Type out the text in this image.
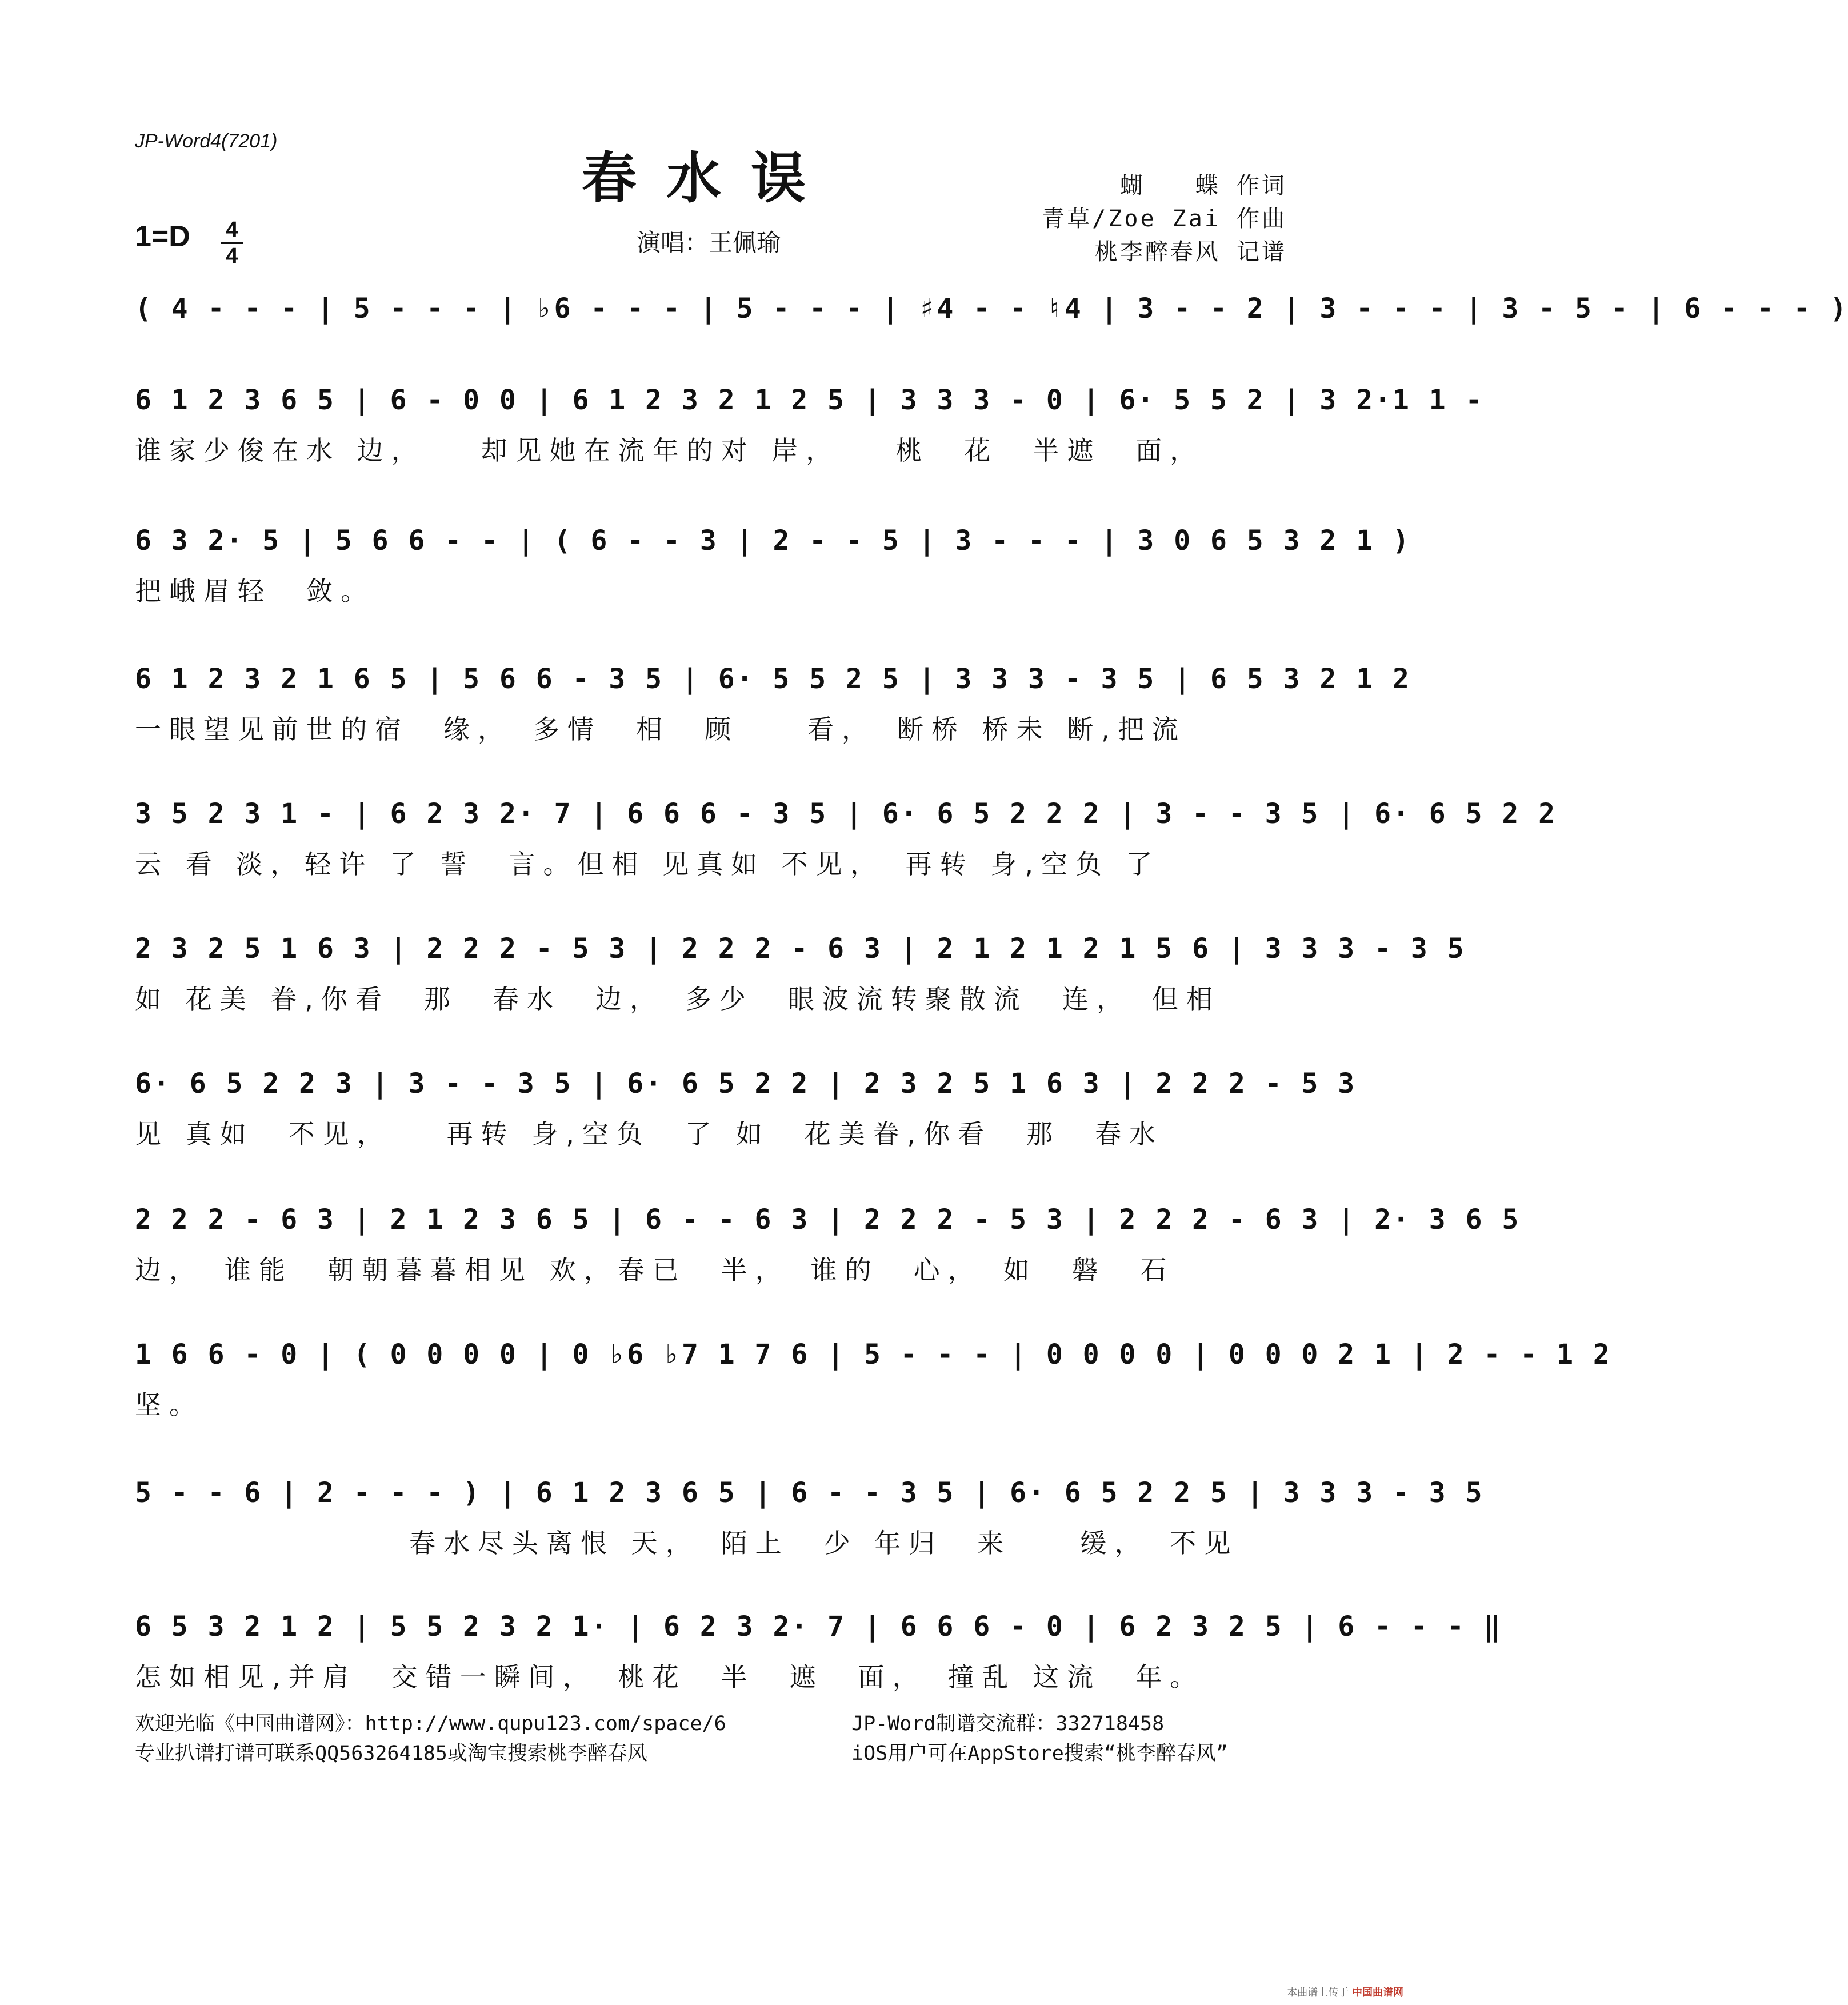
JP-Word4(7201)
春水误	蝴　　蝶 作词
青草/Zoe Zai 作曲
桃李醉春风 记谱
1=D 4
4	演唱：王佩瑜
( 4 - - - | 5 - - - | ♭6 - - - | 5 - - - | ♯4 - - ♮4 | 3 - - 2 | 3 - - - | 3 - 5 - | 6 - - - )
6 1 2 3 6 5 | 6 - 0 0 | 6 1 2 3 2 1 2 5 | 3 3 3 - 0 | 6· 5 5 2 | 3 2·1 1 -
谁家少俊在水 边，　　却见她在流年的对 岸，　　桃　花　半遮　面，
6 3 2· 5 | 5 6 6 - - | ( 6 - - 3 | 2 - - 5 | 3 - - - | 3 0 6 5 3 2 1 )
把峨眉轻　敛。
6 1 2 3 2 1 6 5 | 5 6 6 - 3 5 | 6· 5 5 2 5 | 3 3 3 - 3 5 | 6 5 3 2 1 2
一眼望见前世的宿　缘，　多情　相　顾　　看，　断桥 桥未 断,把流
3 5 2 3 1 - | 6 2 3 2· 7 | 6 6 6 - 3 5 | 6· 6 5 2 2 2 | 3 - - 3 5 | 6· 6 5 2 2
云 看 淡，轻许 了 誓　言。但相 见真如 不见，　再转 身,空负 了
2 3 2 5 1 6 3 | 2 2 2 - 5 3 | 2 2 2 - 6 3 | 2 1 2 1 2 1 5 6 | 3 3 3 - 3 5
如 花美 眷,你看　那　春水　边，　多少　眼波流转聚散流　连，　但相
6· 6 5 2 2 3 | 3 - - 3 5 | 6· 6 5 2 2 | 2 3 2 5 1 6 3 | 2 2 2 - 5 3
见 真如　不见，　　再转 身,空负　了 如　花美眷,你看　那　春水
2 2 2 - 6 3 | 2 1 2 3 6 5 | 6 - - 6 3 | 2 2 2 - 5 3 | 2 2 2 - 6 3 | 2· 3 6 5
边，　谁能　朝朝暮暮相见 欢，春已　半，　谁的　心，　如　磐　石
1 6 6 - 0 | ( 0 0 0 0 | 0 ♭6 ♭7 1 7 6 | 5 - - - | 0 0 0 0 | 0 0 0 2 1 | 2 - - 1 2
坚。
5 - - 6 | 2 - - - ) | 6 1 2 3 6 5 | 6 - - 3 5 | 6· 6 5 2 2 5 | 3 3 3 - 3 5
　　　　　　　　春水尽头离恨 天，　陌上　少 年归　来　　缓，　不见
6 5 3 2 1 2 | 5 5 2 3 2 1· | 6 2 3 2· 7 | 6 6 6 - 0 | 6 2 3 2 5 | 6 - - - ‖
怎如相见,并肩　交错一瞬间，　桃花　半　遮　面，　撞乱 这流　年。
欢迎光临《中国曲谱网》：http://www.qupu123.com/space/6
专业扒谱打谱可联系QQ563264185或淘宝搜索桃李醉春风
JP-Word制谱交流群：332718458
iOS用户可在AppStore搜索“桃李醉春风”
本曲谱上传于 中国曲谱网
